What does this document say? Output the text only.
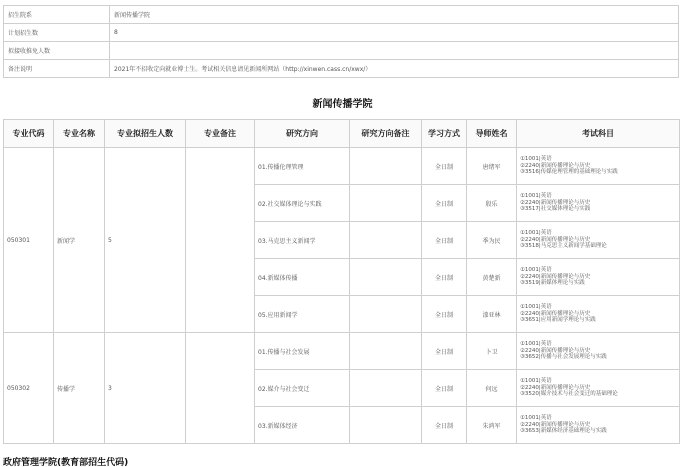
招生院系	新闻传播学院
计划招生数	8
拟接收推免人数	
备注说明	2021年不招收定向就业博士生。考试相关信息请见新闻所网站（http://xinwen.cass.cn/xwx/）
新闻传播学院
专业代码	专业名称	专业拟招生人数	专业备注	研究方向	研究方向备注	学习方式	导师姓名	考试科目
050301	新闻学	5		01.传播伦理管理		全日制	唐绪军	①1001|英语
②2240|新闻传播理论与历史
③3516|传媒伦理管理的基础理论与实践

				02.社交媒体理论与实践		全日制	殷乐	①1001|英语
②2240|新闻传播理论与历史
③3517|社交媒体理论与实践

				03.马克思主义新闻学		全日制	季为民	①1001|英语
②2240|新闻传播理论与历史
③3518|马克思主义新闻学基础理论

				04.新媒体传播		全日制	黄楚新	①1001|英语
②2240|新闻传播理论与历史
③3519|新媒体理论与实践

				05.应用新闻学		全日制	漆亚林	①1001|英语
②2240|新闻传播理论与历史
③3651|应用新闻学理论与实践

050302	传播学	3		01.传播与社会发展		全日制	卜卫	①1001|英语
②2240|新闻传播理论与历史
③3652|传播与社会发展理论与实践

				02.媒介与社会变迁		全日制	何远	①1001|英语
②2240|新闻传播理论与历史
③3520|媒介技术与社会变迁的基础理论

				03.新媒体经济		全日制	朱鸿军	①1001|英语
②2240|新闻传播理论与历史
③3653|新媒体经济基础理论与实践
政府管理学院(教育部招生代码)
